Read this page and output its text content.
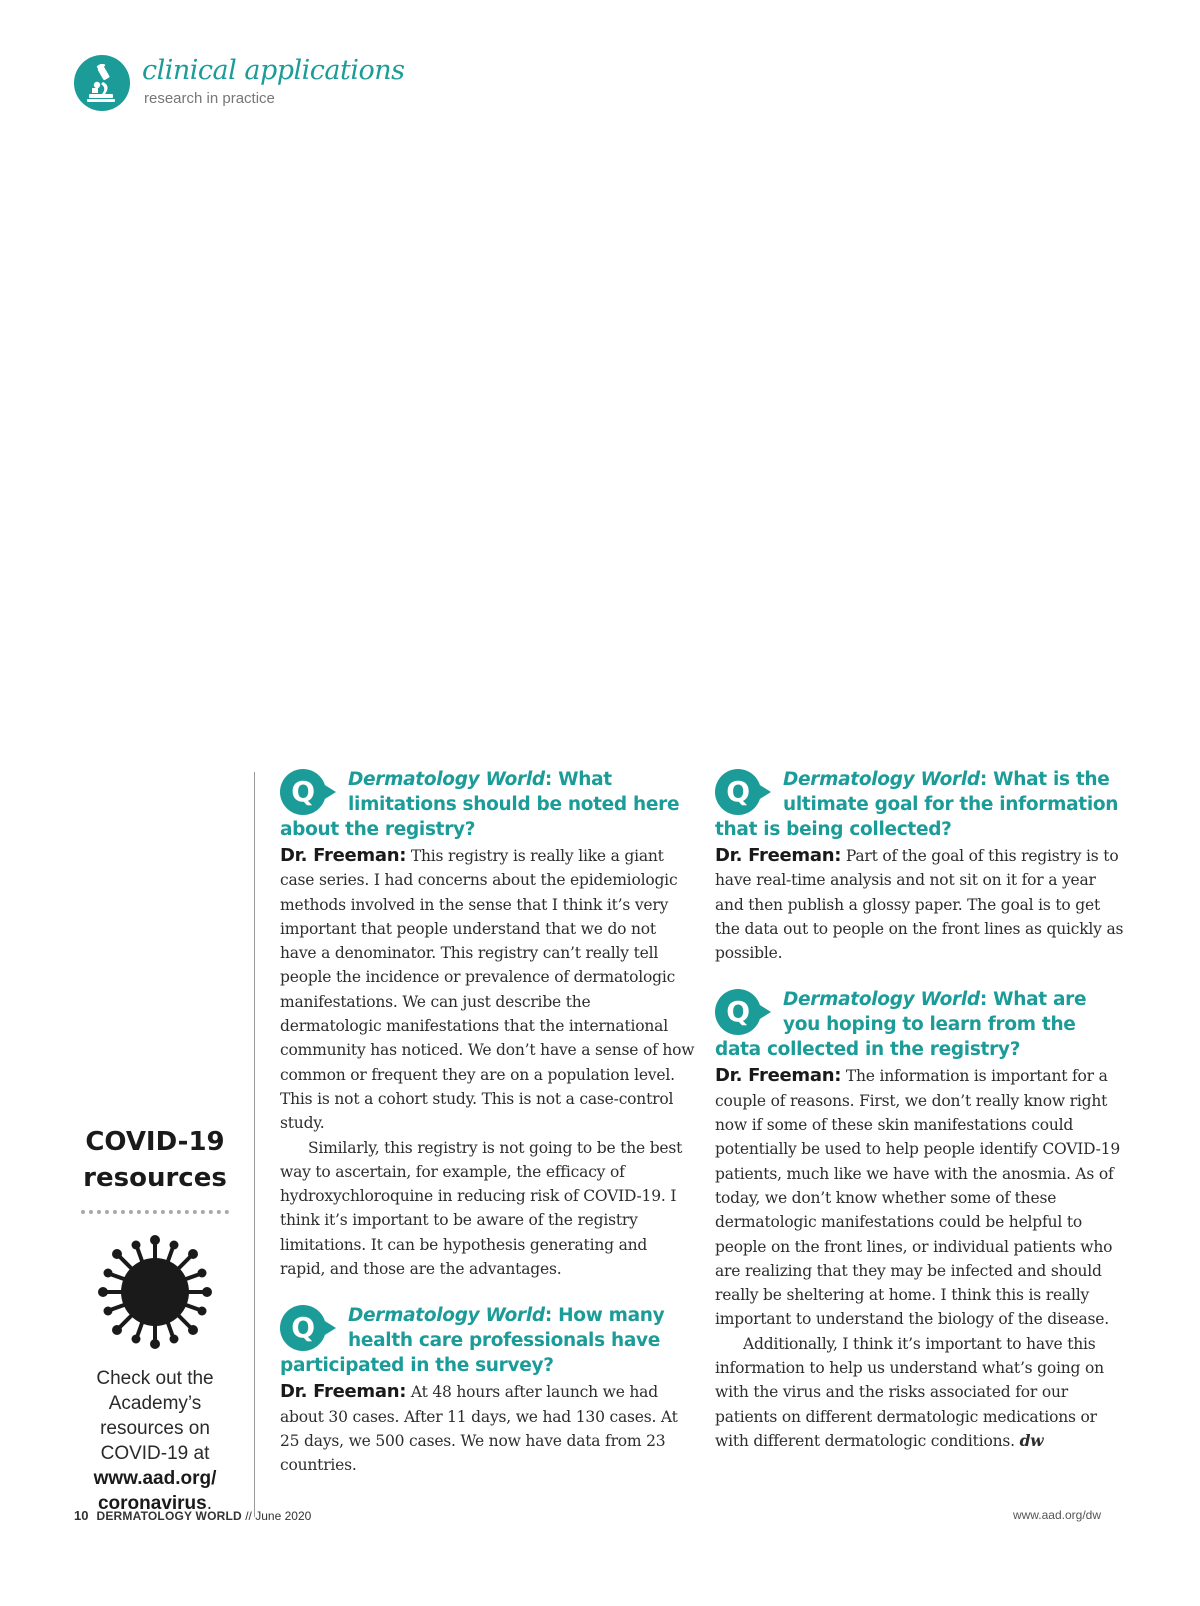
clinical applications
research in practice
COVID-19 resources
Check out the Academy’s resources on COVID-19 at
www.aad.org/ coronavirus.
Q	Dermatology World: What limitations should be noted here about the registry?

Dr. Freeman: This registry is really like a giant case series. I had concerns about the epidemiologic methods involved in the sense that I think it’s very important that people understand that we do not have a denominator. This registry can’t really tell people the incidence or prevalence of dermatologic manifestations. We can just describe the dermatologic manifestations that the international community has noticed. We don’t have a sense of how common or frequent they are on a population level. This is not a cohort study. This is not a case-control study.

Similarly, this registry is not going to be the best way to ascertain, for example, the efficacy of hydroxychloroquine in reducing risk of COVID-19. I think it’s important to be aware of the registry limitations. It can be hypothesis generating and rapid, and those are the advantages.

Q	Dermatology World: How many health care professionals have participated in the survey?

Dr. Freeman: At 48 hours after launch we had about 30 cases. After 11 days, we had 130 cases. At 25 days, we 500 cases. We now have data from 23 countries.

Q	Dermatology World: What is the ultimate goal for the information that is being collected?

Dr. Freeman: Part of the goal of this registry is to have real-time analysis and not sit on it for a year and then publish a glossy paper. The goal is to get the data out to people on the front lines as quickly as possible.

Q	Dermatology World: What are you hoping to learn from the data collected in the registry?

Dr. Freeman: The information is important for a couple of reasons. First, we don’t really know right now if some of these skin manifestations could potentially be used to help people identify COVID-19 patients, much like we have with the anosmia. As of today, we don’t know whether some of these dermatologic manifestations could be helpful to people on the front lines, or individual patients who are realizing that they may be infected and should really be sheltering at home. I think this is really important to understand the biology of the disease.

Additionally, I think it’s important to have this information to help us understand what’s going on with the virus and the risks associated for our patients on different dermatologic medications or with different dermatologic conditions. dw

10 DERMATOLOGY WORLD // June 2020	www.aad.org/dw
